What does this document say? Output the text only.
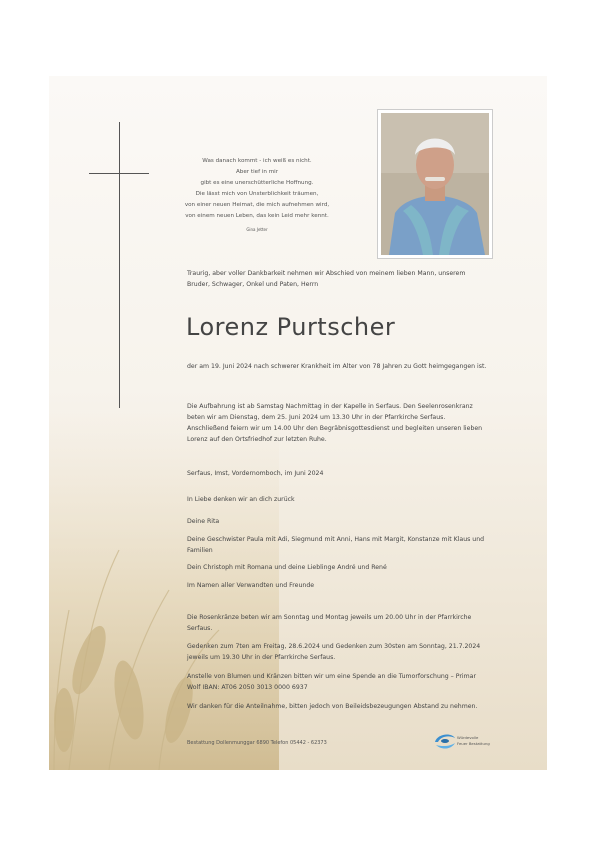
Was danach kommt - ich weiß es nicht.
Aber tief in mir
gibt es eine unerschütterliche Hoffnung.
Die lässt mich von Unsterblichkeit träumen,
von einer neuen Heimat, die mich aufnehmen wird,
von einem neuen Leben, das kein Leid mehr kennt.
Gina Jetter
Traurig, aber voller Dankbarkeit nehmen wir Abschied von meinem lieben Mann, unserem Bruder, Schwager, Onkel und Paten, Herrn
Lorenz Purtscher
der am 19. Juni 2024 nach schwerer Krankheit im Alter von 78 Jahren zu Gott heimgegangen ist.
Die Aufbahrung ist ab Samstag Nachmittag in der Kapelle in Serfaus. Den Seelenrosenkranz beten wir am Dienstag, dem 25. Juni 2024 um 13.30 Uhr in der Pfarrkirche Serfaus. Anschließend feiern wir um 14.00 Uhr den Begräbnisgottesdienst und begleiten unseren lieben Lorenz auf den Ortsfriedhof zur letzten Ruhe.
Serfaus, Imst, Vordernomboch, im Juni 2024
In Liebe denken wir an dich zurück
Deine Rita
Deine Geschwister Paula mit Adi, Siegmund mit Anni, Hans mit Margit, Konstanze mit Klaus und Familien
Dein Christoph mit Romana und deine Lieblinge André und René
Im Namen aller Verwandten und Freunde
Die Rosenkränze beten wir am Sonntag und Montag jeweils um 20.00 Uhr in der Pfarrkirche Serfaus.
Gedenken zum 7ten am Freitag, 28.6.2024 und Gedenken zum 30sten am Sonntag, 21.7.2024 jeweils um 19.30 Uhr in der Pfarrkirche Serfaus.
Anstelle von Blumen und Kränzen bitten wir um eine Spende an die Tumorforschung – Primar Wolf IBAN: AT06 2050 3013 0000 6937
Wir danken für die Anteilnahme, bitten jedoch von Beileidsbezeugungen Abstand zu nehmen.
Bestattung Dollenmunggar 6890 Telefon 05442 - 62373
Würdevolle
Feuer Bestattung
